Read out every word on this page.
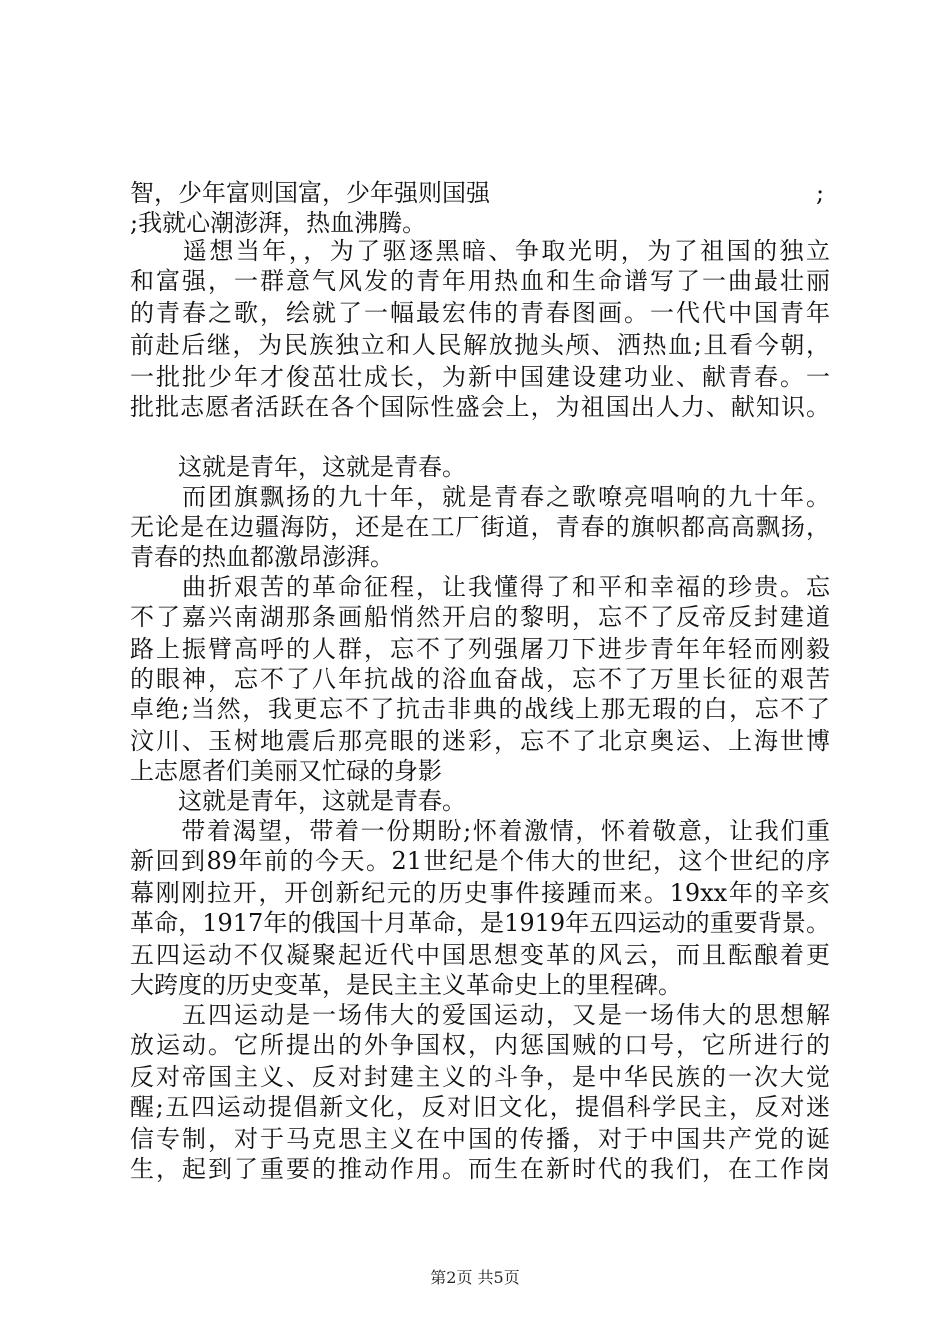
智，少年富则国富，少年强则国强	;
;我就心潮澎湃，热血沸腾。
　　遥想当年，，为了驱逐黑暗、争取光明，为了祖国的独立
和富强，一群意气风发的青年用热血和生命谱写了一曲最壮丽
的青春之歌，绘就了一幅最宏伟的青春图画。一代代中国青年
前赴后继，为民族独立和人民解放抛头颅、洒热血;且看今朝，
一批批少年才俊茁壮成长，为新中国建设建功业、献青春。一
批批志愿者活跃在各个国际性盛会上，为祖国出人力、献知识。
　　这就是青年，这就是青春。
　　而团旗飘扬的九十年，就是青春之歌嘹亮唱响的九十年。
无论是在边疆海防，还是在工厂街道，青春的旗帜都高高飘扬，
青春的热血都激昂澎湃。
　　曲折艰苦的革命征程，让我懂得了和平和幸福的珍贵。忘
不了嘉兴南湖那条画船悄然开启的黎明，忘不了反帝反封建道
路上振臂高呼的人群，忘不了列强屠刀下进步青年年轻而刚毅
的眼神，忘不了八年抗战的浴血奋战，忘不了万里长征的艰苦
卓绝;当然，我更忘不了抗击非典的战线上那无瑕的白，忘不了
汶川、玉树地震后那亮眼的迷彩，忘不了北京奥运、上海世博
上志愿者们美丽又忙碌的身影
　　这就是青年，这就是青春。
　　带着渴望，带着一份期盼;怀着激情，怀着敬意，让我们重
新回到89年前的今天。21世纪是个伟大的世纪，这个世纪的序
幕刚刚拉开，开创新纪元的历史事件接踵而来。19xx年的辛亥
革命，1917年的俄国十月革命，是1919年五四运动的重要背景。
五四运动不仅凝聚起近代中国思想变革的风云，而且酝酿着更
大跨度的历史变革，是民主主义革命史上的里程碑。
　　五四运动是一场伟大的爱国运动，又是一场伟大的思想解
放运动。它所提出的外争国权，内惩国贼的口号，它所进行的
反对帝国主义、反对封建主义的斗争，是中华民族的一次大觉
醒;五四运动提倡新文化，反对旧文化，提倡科学民主，反对迷
信专制，对于马克思主义在中国的传播，对于中国共产党的诞
生，起到了重要的推动作用。而生在新时代的我们，在工作岗
第2页 共5页
